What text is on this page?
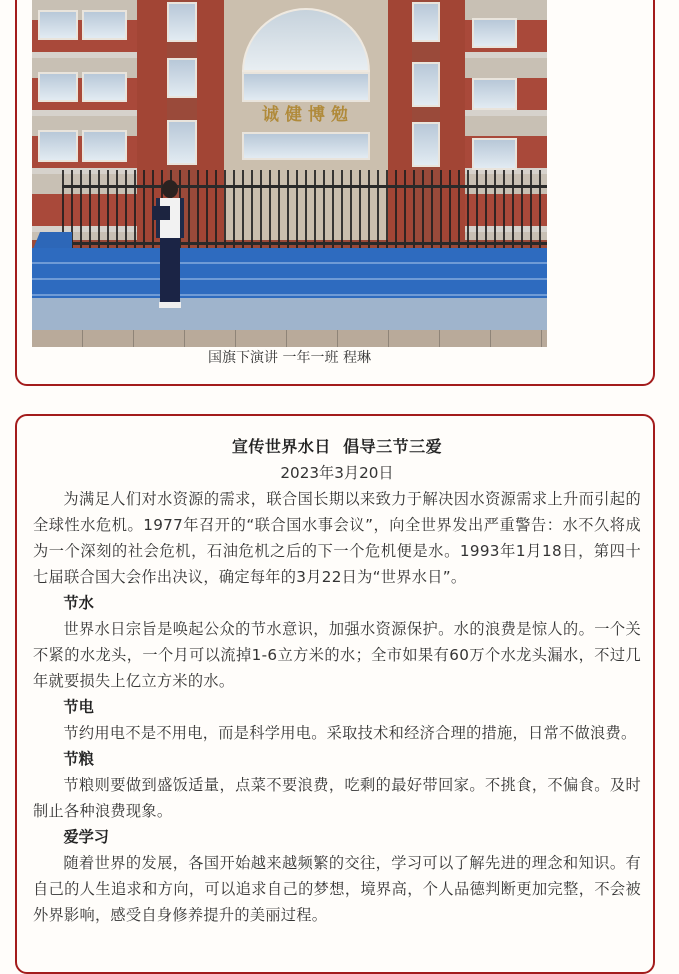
诚健博勉
国旗下演讲 一年一班 程琳
宣传世界水日  倡导三节三爱
2023年3月20日

为满足人们对水资源的需求，联合国长期以来致力于解决因水资源需求上升而引起的全球性水危机。1977年召开的“联合国水事会议”，向全世界发出严重警告：水不久将成为一个深刻的社会危机，石油危机之后的下一个危机便是水。1993年1月18日，第四十七届联合国大会作出决议，确定每年的3月22日为“世界水日”。

节水

世界水日宗旨是唤起公众的节水意识，加强水资源保护。水的浪费是惊人的。一个关不紧的水龙头，一个月可以流掉1-6立方米的水；全市如果有60万个水龙头漏水，不过几年就要损失上亿立方米的水。

节电

节约用电不是不用电，而是科学用电。采取技术和经济合理的措施，日常不做浪费。

节粮

节粮则要做到盛饭适量，点菜不要浪费，吃剩的最好带回家。不挑食，不偏食。及时制止各种浪费现象。

爱学习

随着世界的发展，各国开始越来越频繁的交往，学习可以了解先进的理念和知识。有自己的人生追求和方向，可以追求自己的梦想，境界高，个人品德判断更加完整，不会被外界影响，感受自身修养提升的美丽过程。
